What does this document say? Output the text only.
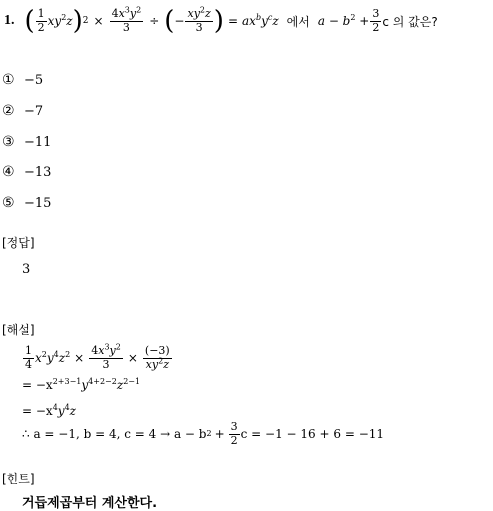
1. ( $\frac{1}{2} xy^2z$ ) $2 \times \frac{4x^3y^2}{3}$ ÷ ( − $\frac{xy^2z}{3}$ ) = $ax^by^cz$ 에서 $a - b^2 + \frac{3}{2}$ c 의 값은?
① −5
② −7
③ −11
④ −13
⑤ −15
[정답]
3
[해설]
$\frac{1}{4} x^2y^4z^2 \times \frac{4x^3y^2}{3} \times \frac{(-3)}{xy^2z}$
= $-x^{2+3-1}y^{4+2-2}z^{2-1}$
= $-x^4y^4z$
∴ a = −1, b = 4, c = 4 → a − b $2 + \frac{3}{2}$ c = −1 − 16 + 6 = −11
[힌트]
거듭제곱부터 계산한다.
